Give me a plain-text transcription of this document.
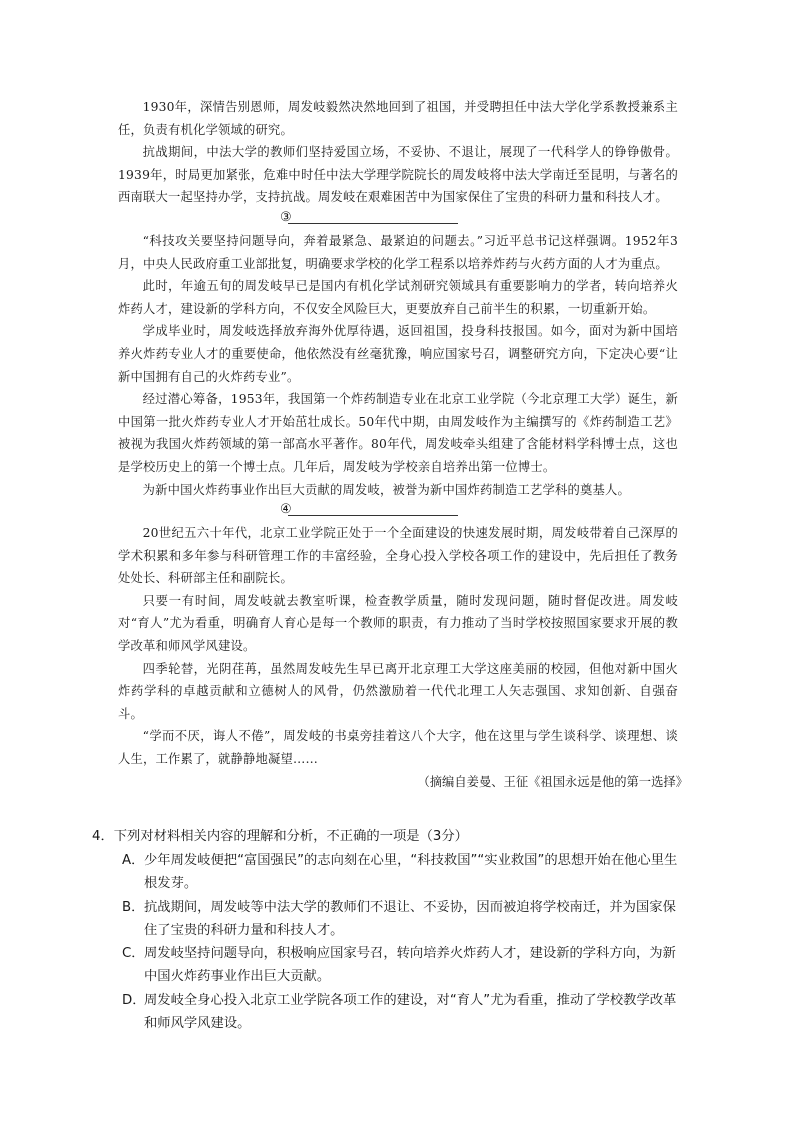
1930年，深情告别恩师，周发岐毅然决然地回到了祖国，并受聘担任中法大学化学系教授兼系主任，负责有机化学领域的研究。

抗战期间，中法大学的教师们坚持爱国立场，不妥协、不退让，展现了一代科学人的铮铮傲骨。1939年，时局更加紧张，危难中时任中法大学理学院院长的周发岐将中法大学南迁至昆明，与著名的西南联大一起坚持办学，支持抗战。周发岐在艰难困苦中为国家保住了宝贵的科研力量和科技人才。

③

“科技攻关要坚持问题导向，奔着最紧急、最紧迫的问题去。”习近平总书记这样强调。1952年3月，中央人民政府重工业部批复，明确要求学校的化学工程系以培养炸药与火药方面的人才为重点。

此时，年逾五旬的周发岐早已是国内有机化学试剂研究领域具有重要影响力的学者，转向培养火炸药人才，建设新的学科方向，不仅安全风险巨大，更要放弃自己前半生的积累，一切重新开始。

学成毕业时，周发岐选择放弃海外优厚待遇，返回祖国，投身科技报国。如今，面对为新中国培养火炸药专业人才的重要使命，他依然没有丝毫犹豫，响应国家号召，调整研究方向，下定决心要“让新中国拥有自己的火炸药专业”。

经过潜心筹备，1953年，我国第一个炸药制造专业在北京工业学院（今北京理工大学）诞生，新中国第一批火炸药专业人才开始茁壮成长。50年代中期，由周发岐作为主编撰写的《炸药制造工艺》被视为我国火炸药领域的第一部高水平著作。80年代，周发岐牵头组建了含能材料学科博士点，这也是学校历史上的第一个博士点。几年后，周发岐为学校亲自培养出第一位博士。

为新中国火炸药事业作出巨大贡献的周发岐，被誉为新中国炸药制造工艺学科的奠基人。

④

20世纪五六十年代，北京工业学院正处于一个全面建设的快速发展时期，周发岐带着自己深厚的学术积累和多年参与科研管理工作的丰富经验，全身心投入学校各项工作的建设中，先后担任了教务处处长、科研部主任和副院长。

只要一有时间，周发岐就去教室听课，检查教学质量，随时发现问题，随时督促改进。周发岐对“育人”尤为看重，明确育人育心是每一个教师的职责，有力推动了当时学校按照国家要求开展的教学改革和师风学风建设。

四季轮替，光阴荏苒，虽然周发岐先生早已离开北京理工大学这座美丽的校园，但他对新中国火炸药学科的卓越贡献和立德树人的风骨，仍然激励着一代代北理工人矢志强国、求知创新、自强奋斗。

“学而不厌，诲人不倦”，周发岐的书桌旁挂着这八个大字，他在这里与学生谈科学、谈理想、谈人生，工作累了，就静静地凝望……

（摘编自姜曼、王征《祖国永远是他的第一选择》

4．下列对材料相关内容的理解和分析，不正确的一项是（3分）

A．少年周发岐便把“富国强民”的志向刻在心里，“科技救国”“实业救国”的思想开始在他心里生根发芽。

B．抗战期间，周发岐等中法大学的教师们不退让、不妥协，因而被迫将学校南迁，并为国家保住了宝贵的科研力量和科技人才。

C．周发岐坚持问题导向，积极响应国家号召，转向培养火炸药人才，建设新的学科方向，为新中国火炸药事业作出巨大贡献。

D．周发岐全身心投入北京工业学院各项工作的建设，对“育人”尤为看重，推动了学校教学改革和师风学风建设。
